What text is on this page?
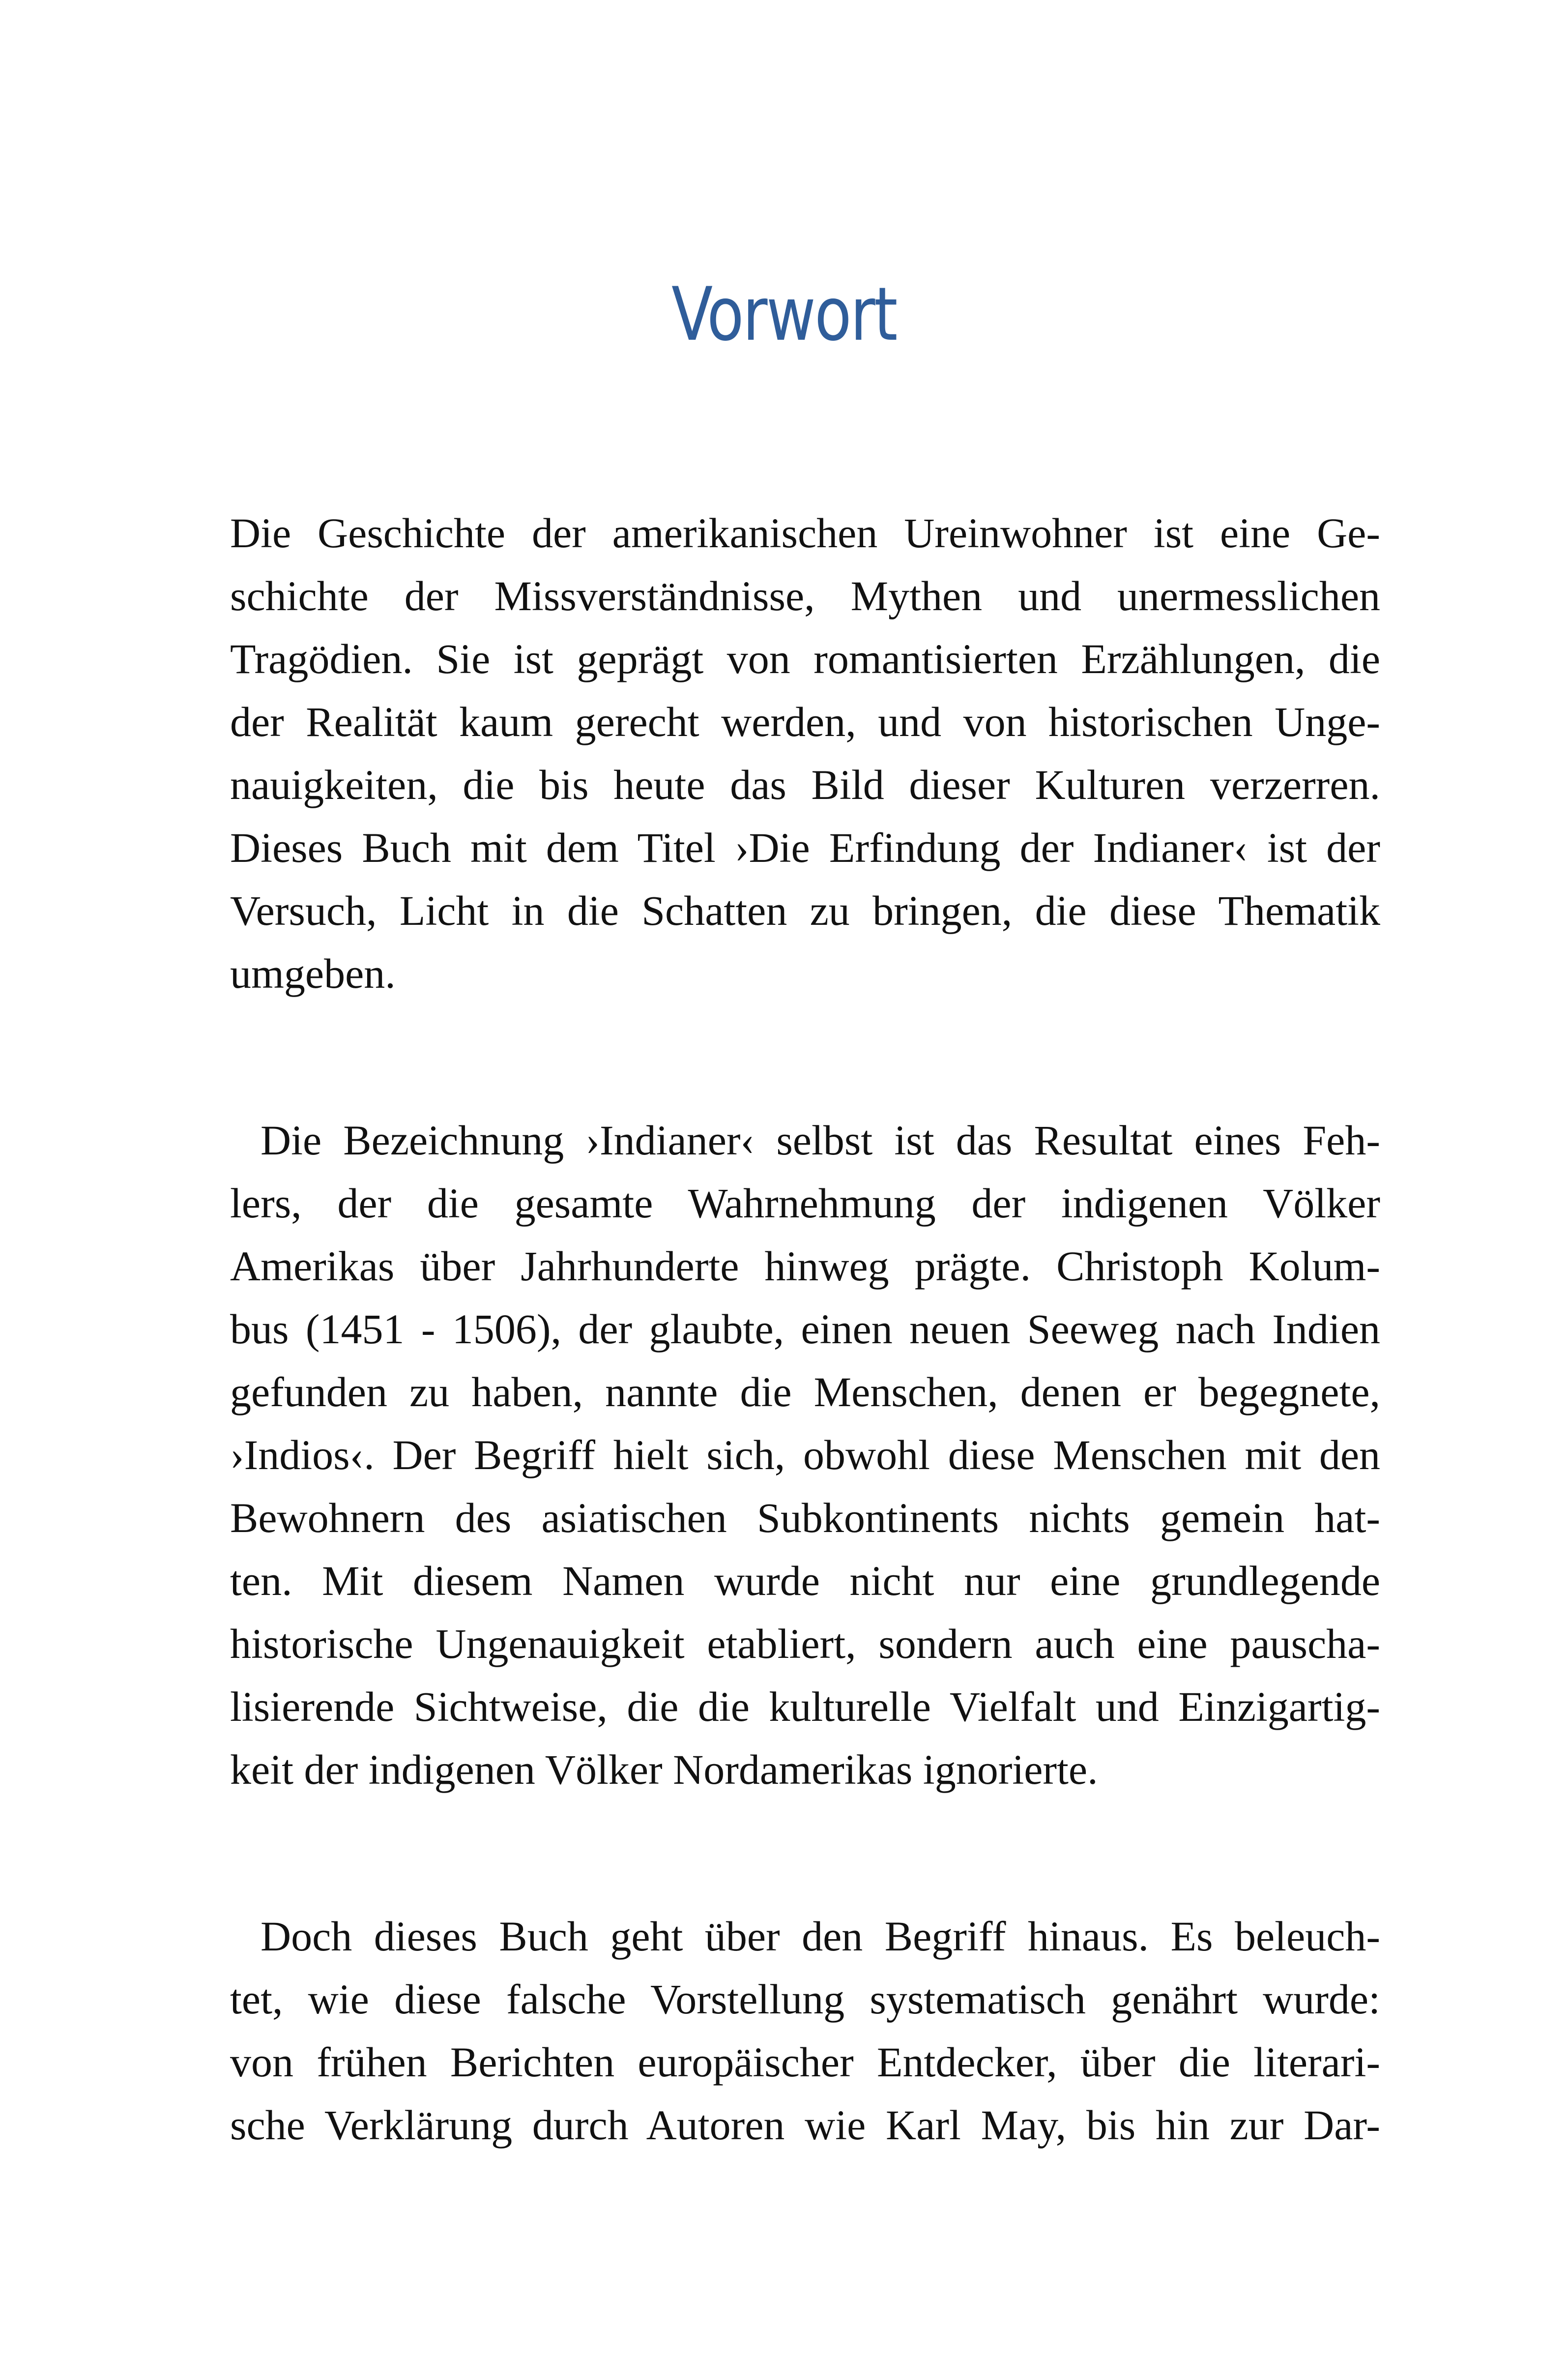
Vorwort

Die Geschichte der amerikanischen Ureinwohner ist eine Ge-
schichte der Missverständnisse, Mythen und unermesslichen
Tragödien. Sie ist geprägt von romantisierten Erzählungen, die
der Realität kaum gerecht werden, und von historischen Unge-
nauigkeiten, die bis heute das Bild dieser Kulturen verzerren.
Dieses Buch mit dem Titel ›Die Erfindung der Indianer‹ ist der
Versuch, Licht in die Schatten zu bringen, die diese Thematik
umgeben.

Die Bezeichnung ›Indianer‹ selbst ist das Resultat eines Feh-
lers, der die gesamte Wahrnehmung der indigenen Völker
Amerikas über Jahrhunderte hinweg prägte. Christoph Kolum-
bus (1451 - 1506), der glaubte, einen neuen Seeweg nach Indien
gefunden zu haben, nannte die Menschen, denen er begegnete,
›Indios‹. Der Begriff hielt sich, obwohl diese Menschen mit den
Bewohnern des asiatischen Subkontinents nichts gemein hat-
ten. Mit diesem Namen wurde nicht nur eine grundlegende
historische Ungenauigkeit etabliert, sondern auch eine pauscha-
lisierende Sichtweise, die die kulturelle Vielfalt und Einzigartig-
keit der indigenen Völker Nordamerikas ignorierte.

Doch dieses Buch geht über den Begriff hinaus. Es beleuch-
tet, wie diese falsche Vorstellung systematisch genährt wurde:
von frühen Berichten europäischer Entdecker, über die literari-
sche Verklärung durch Autoren wie Karl May, bis hin zur Dar-
